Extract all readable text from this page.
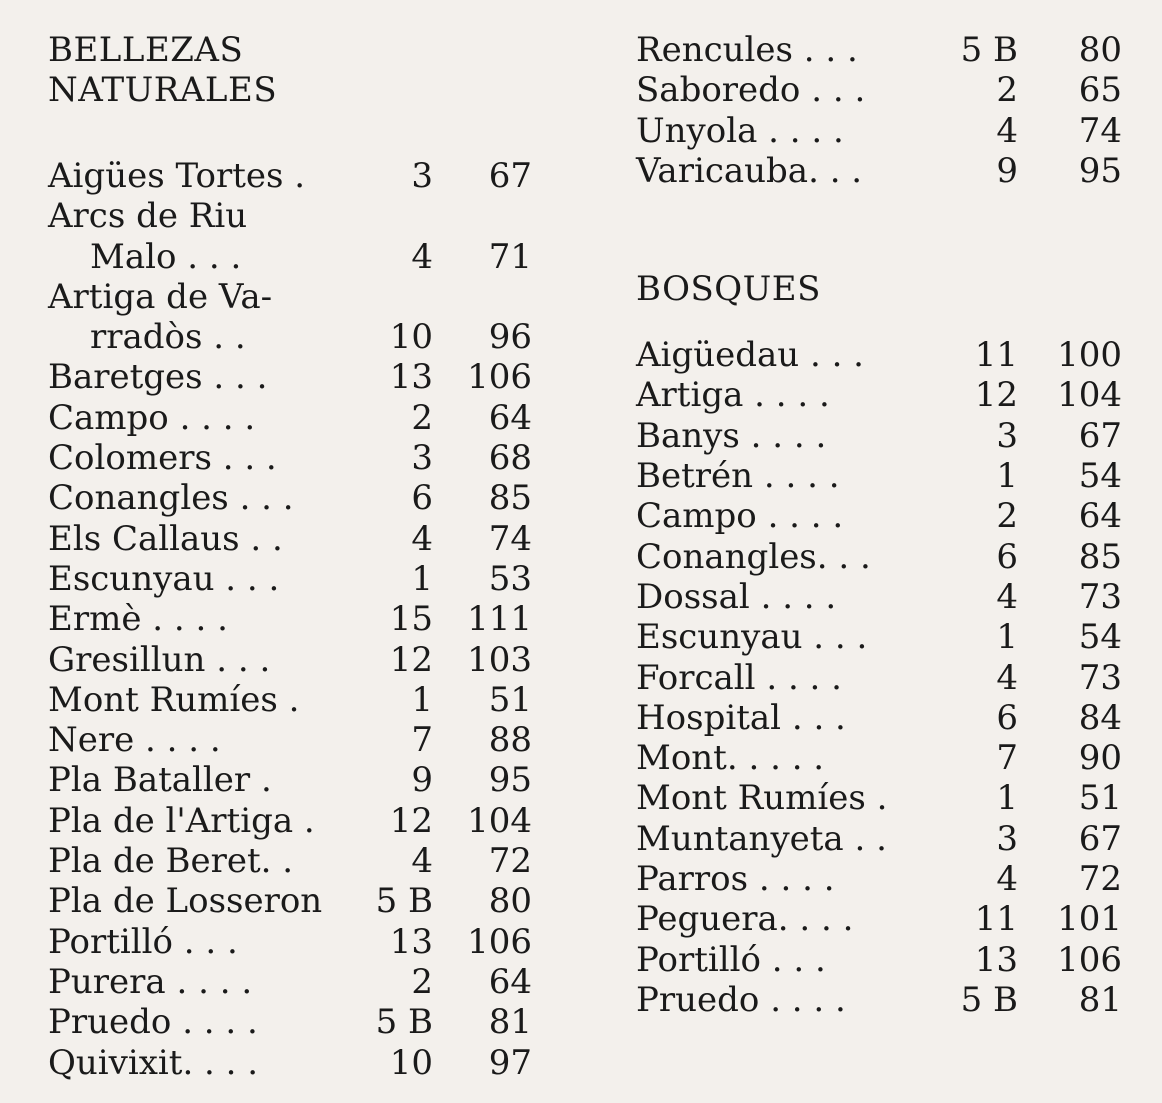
BELLEZAS
NATURALES
Aigües Tortes .	3	67
Arcs de Riu
Malo . . .	4	71
Artiga de Va-
rradòs . .	10	96
Baretges . . .	13	106
Campo . . . .	2	64
Colomers . . .	3	68
Conangles . . .	6	85
Els Callaus . .	4	74
Escunyau . . .	1	53
Ermè . . . .	15	111
Gresillun . . .	12	103
Mont Rumíes .	1	51
Nere . . . .	7	88
Pla Bataller .	9	95
Pla de l'Artiga .	12	104
Pla de Beret. .	4	72
Pla de Losseron	5 B	80
Portilló . . .	13	106
Purera . . . .	2	64
Pruedo . . . .	5 B	81
Quivixit. . . .	10	97
Rencules . . .	5 B	80
Saboredo . . .	2	65
Unyola . . . .	4	74
Varicauba. . .	9	95
BOSQUES
Aigüedau . . .	11	100
Artiga . . . .	12	104
Banys . . . .	3	67
Betrén . . . .	1	54
Campo . . . .	2	64
Conangles. . .	6	85
Dossal . . . .	4	73
Escunyau . . .	1	54
Forcall . . . .	4	73
Hospital . . .	6	84
Mont. . . . .	7	90
Mont Rumíes .	1	51
Muntanyeta . .	3	67
Parros . . . .	4	72
Peguera. . . .	11	101
Portilló . . .	13	106
Pruedo . . . .	5 B	81
